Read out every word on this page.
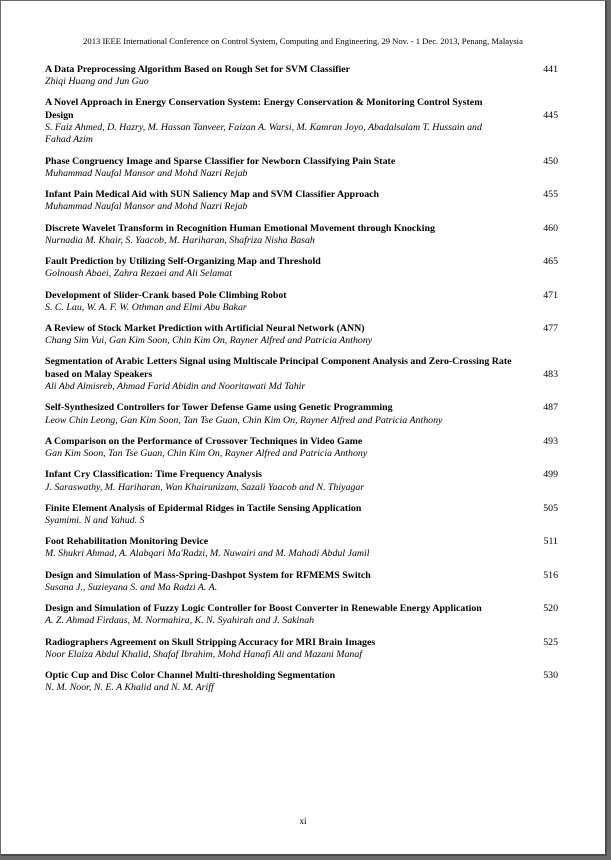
2013 IEEE International Conference on Control System, Computing and Engineering, 29 Nov. - 1 Dec. 2013, Penang, Malaysia
A Data Preprocessing Algorithm Based on Rough Set for SVM Classifier
Zhiqi Huang and Jun Guo
441
A Novel Approach in Energy Conservation System: Energy Conservation & Monitoring Control System Design
S. Faiz Ahmed, D. Hazry, M. Hassan Tanveer, Faizan A. Warsi, M. Kamran Joyo, Abadalsalam T. Hussain and Fahad Azim
445
Phase Congruency Image and Sparse Classifier for Newborn Classifying Pain State
Muhammad Naufal Mansor and Mohd Nazri Rejab
450
Infant Pain Medical Aid with SUN Saliency Map and SVM Classifier Approach
Muhammad Naufal Mansor and Mohd Nazri Rejab
455
Discrete Wavelet Transform in Recognition Human Emotional Movement through Knocking
Nurnadia M. Khair, S. Yaacob, M. Hariharan, Shafriza Nisha Basah
460
Fault Prediction by Utilizing Self-Organizing Map and Threshold
Golnoush Abaei, Zahra Rezaei and Ali Selamat
465
Development of Slider-Crank based Pole Climbing Robot
S. C. Lau, W. A. F. W. Othman and Elmi Abu Bakar
471
A Review of Stock Market Prediction with Artificial Neural Network (ANN)
Chang Sim Vui, Gan Kim Soon, Chin Kim On, Rayner Alfred and Patricia Anthony
477
Segmentation of Arabic Letters Signal using Multiscale Principal Component Analysis and Zero-Crossing Rate based on Malay Speakers
Ali Abd Almisreb, Ahmad Farid Abidin and Nooritawati Md Tahir
483
Self-Synthesized Controllers for Tower Defense Game using Genetic Programming
Leow Chin Leong, Gan Kim Soon, Tan Tse Guan, Chin Kim On, Rayner Alfred and Patricia Anthony
487
A Comparison on the Performance of Crossover Techniques in Video Game
Gan Kim Soon, Tan Tse Guan, Chin Kim On, Rayner Alfred and Patricia Anthony
493
Infant Cry Classification: Time Frequency Analysis
J. Saraswathy, M. Hariharan, Wan Khairunizam, Sazali Yaacob and N. Thiyagar
499
Finite Element Analysis of Epidermal Ridges in Tactile Sensing Application
Syamimi. N and Yahud. S
505
Foot Rehabilitation Monitoring Device
M. Shukri Ahmad, A. Alabqari Ma'Radzi, M. Nuwairi and M. Mahadi Abdul Jamil
511
Design and Simulation of Mass-Spring-Dashpot System for RFMEMS Switch
Susana J., Suzieyana S. and Ma Radzi A. A.
516
Design and Simulation of Fuzzy Logic Controller for Boost Converter in Renewable Energy Application
A. Z. Ahmad Firdaus, M. Normahira, K. N. Syahirah and J. Sakinah
520
Radiographers Agreement on Skull Stripping Accuracy for MRI Brain Images
Noor Elaiza Abdul Khalid, Shafaf Ibrahim, Mohd Hanafi Ali and Mazani Manaf
525
Optic Cup and Disc Color Channel Multi-thresholding Segmentation
N. M. Noor, N. E. A Khalid and N. M. Ariff
530
xi
